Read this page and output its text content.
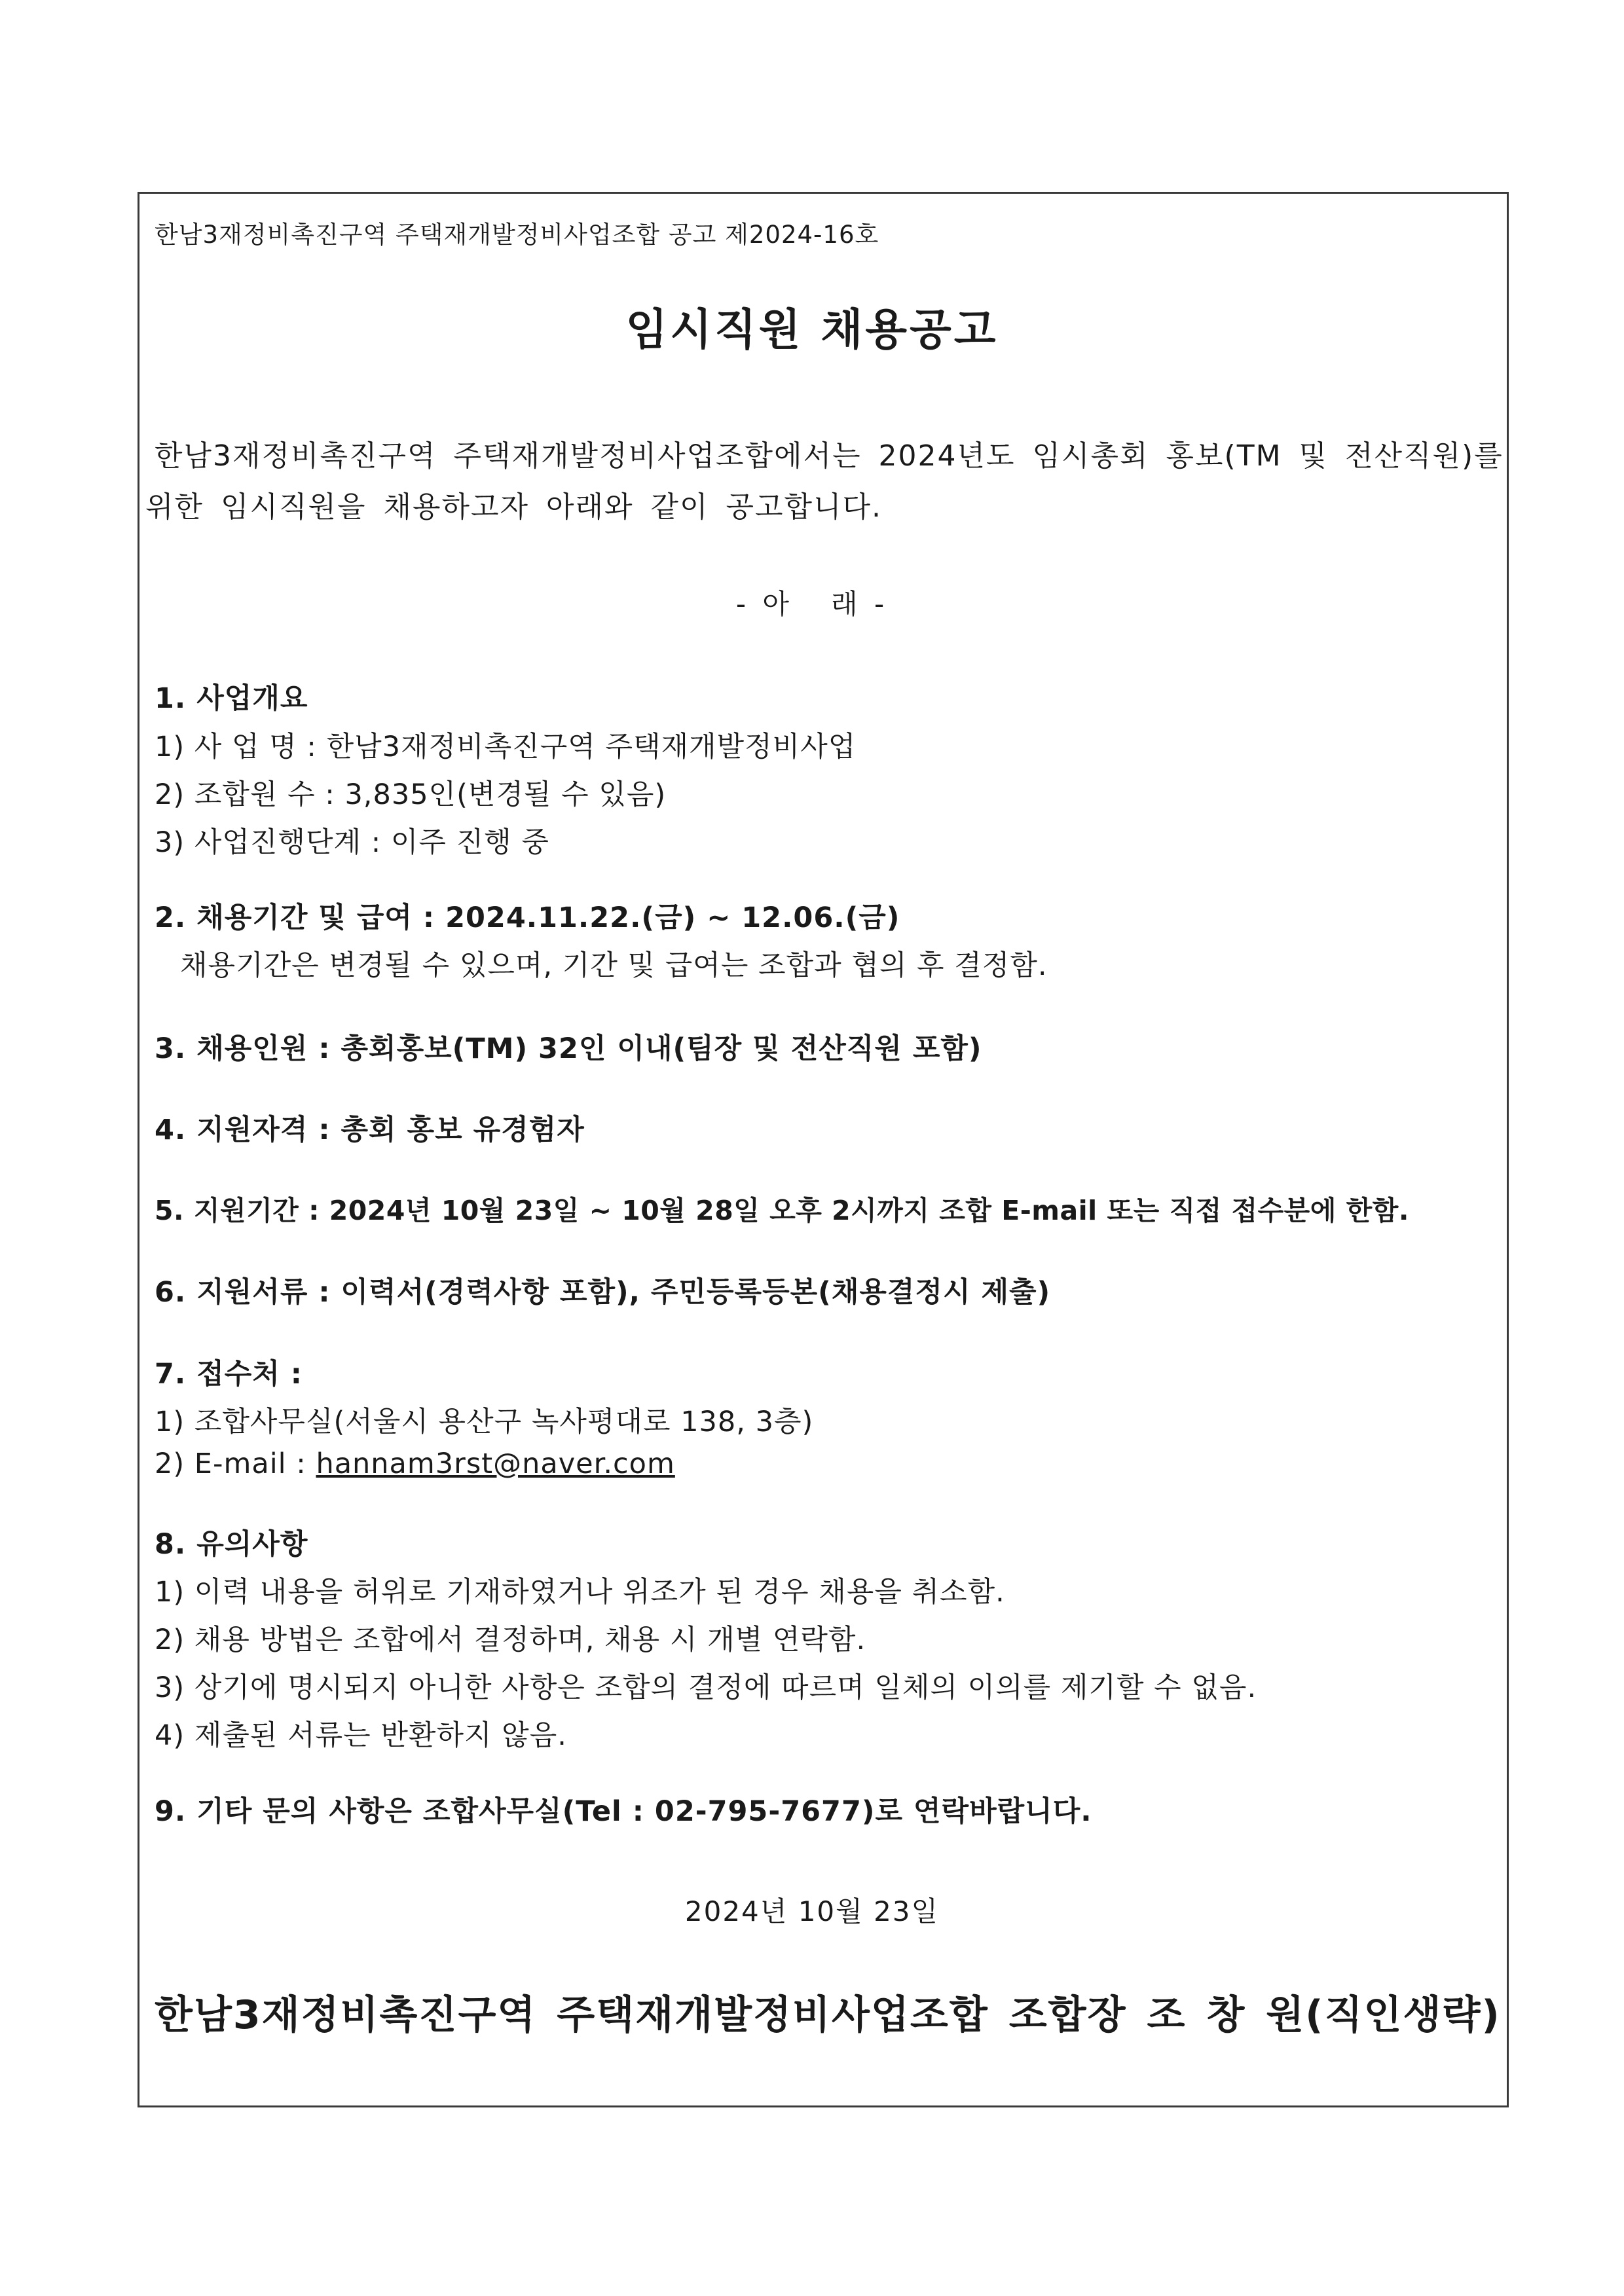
한남3재정비촉진구역 주택재개발정비사업조합 공고 제2024-16호
임시직원 채용공고
한남3재정비촉진구역 주택재개발정비사업조합에서는 2024년도 임시총회 홍보(TM 및 전산직원)를
위한 임시직원을 채용하고자 아래와 같이 공고합니다.
- 아   래 -
1. 사업개요
1) 사 업 명 : 한남3재정비촉진구역 주택재개발정비사업
2) 조합원 수 : 3,835인(변경될 수 있음)
3) 사업진행단계 : 이주 진행 중
2. 채용기간 및 급여 : 2024.11.22.(금) ~ 12.06.(금)
채용기간은 변경될 수 있으며, 기간 및 급여는 조합과 협의 후 결정함.
3. 채용인원 : 총회홍보(TM) 32인 이내(팀장 및 전산직원 포함)
4. 지원자격 : 총회 홍보 유경험자
5. 지원기간 : 2024년 10월 23일 ~ 10월 28일 오후 2시까지 조합 E-mail 또는 직접 접수분에 한함.
6. 지원서류 : 이력서(경력사항 포함), 주민등록등본(채용결정시 제출)
7. 접수처 :
1) 조합사무실(서울시 용산구 녹사평대로 138, 3층)
2) E-mail : hannam3rst@naver.com
8. 유의사항
1) 이력 내용을 허위로 기재하였거나 위조가 된 경우 채용을 취소함.
2) 채용 방법은 조합에서 결정하며, 채용 시 개별 연락함.
3) 상기에 명시되지 아니한 사항은 조합의 결정에 따르며 일체의 이의를 제기할 수 없음.
4) 제출된 서류는 반환하지 않음.
9. 기타 문의 사항은 조합사무실(Tel : 02-795-7677)로 연락바랍니다.
2024년 10월 23일
한남3재정비촉진구역 주택재개발정비사업조합 조합장 조 창 원(직인생략)
